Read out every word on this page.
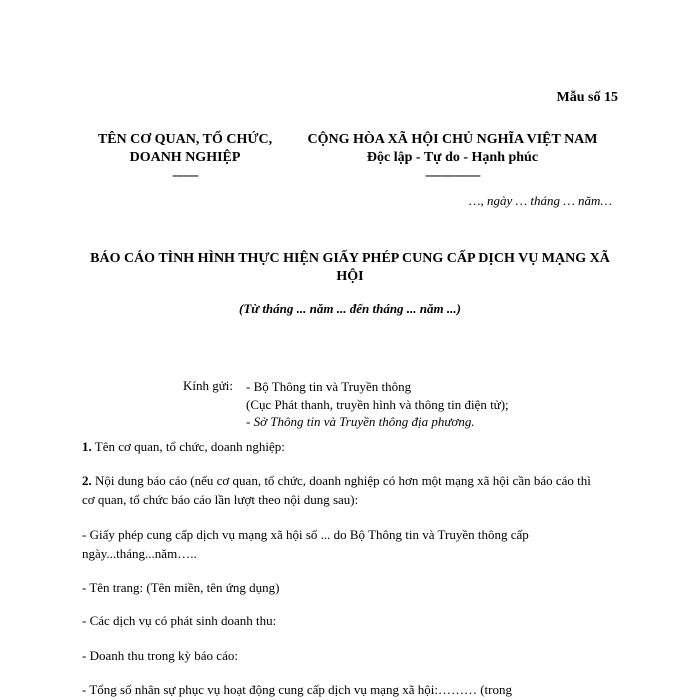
Mẫu số 15
TÊN CƠ QUAN, TỔ CHỨC,
DOANH NGHIỆP
-------
CỘNG HÒA XÃ HỘI CHỦ NGHĨA VIỆT NAM
Độc lập - Tự do - Hạnh phúc
---------------
…, ngày … tháng … năm…
BÁO CÁO TÌNH HÌNH THỰC HIỆN GIẤY PHÉP CUNG CẤP DỊCH VỤ MẠNG XÃ HỘI
(Từ tháng ... năm ... đến tháng ... năm ...)
Kính gửi: - Bộ Thông tin và Truyền thông
(Cục Phát thanh, truyền hình và thông tin điện tử);
- Sở Thông tin và Truyền thông địa phương.
1. Tên cơ quan, tổ chức, doanh nghiệp:
2. Nội dung báo cáo (nếu cơ quan, tổ chức, doanh nghiệp có hơn một mạng xã hội cần báo cáo thì cơ quan, tổ chức báo cáo lần lượt theo nội dung sau):
- Giấy phép cung cấp dịch vụ mạng xã hội số ... do Bộ Thông tin và Truyền thông cấp ngày...tháng...năm…..
- Tên trang: (Tên miền, tên ứng dụng)
- Các dịch vụ có phát sinh doanh thu:
- Doanh thu trong kỳ báo cáo:
- Tổng số nhân sự phục vụ hoạt động cung cấp dịch vụ mạng xã hội:……… (trong
